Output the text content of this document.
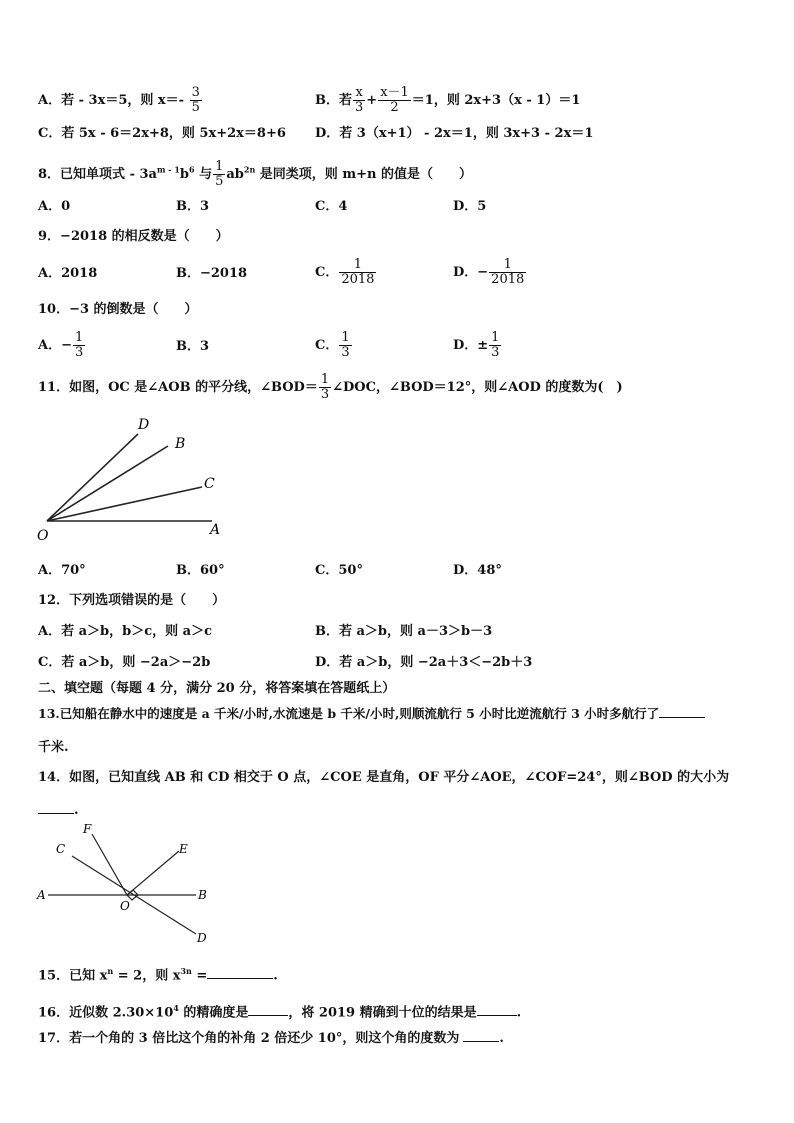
A．若 - 3x＝5，则 $x=- \frac{3}{5}$	B．若 $\frac{x}{3} + \frac{x-1}{2} =1$，则 2x+3（x - 1）＝1
C．若 5x - 6＝2x+8，则 5x+2x＝8+6 D．若 3（x+1） - 2x＝1，则 3x+3 - 2x＝1
8．已知单项式 - $3a^{m - 1}b^6$ 与 $\frac{1}{5} ab^{2n}$ 是同类项，则 m+n 的值是（　　）
A．0	B．3	C．4	D．5
9．−2018 的相反数是（　　）
A．2018	B．−2018	C． $\frac{1}{2018}$	D．− $\frac{1}{2018}$
10．−3 的倒数是（　　）
A．− $\frac{1}{3}$	B．3	C． $\frac{1}{3}$	D．± $\frac{1}{3}$
11．如图，OC 是∠AOB 的平分线，∠BOD＝ $\frac{1}{3}$ ∠DOC，∠BOD＝12°，则∠AOD 的度数为(　)
D
B
C
O	A
A．70°	B．60°	C．50°	D．48°
12．下列选项错误的是（　　）
A．若 a＞b，b＞c，则 a＞c	B．若 a＞b，则 a－3＞b－3
C．若 a＞b，则 −2a＞−2b	D．若 a＞b，则 −2a＋3＜−2b＋3
二、填空题（每题 4 分，满分 20 分，将答案填在答题纸上）
13.已知船在静水中的速度是 a 千米/小时,水流速是 b 千米/小时,则顺流航行 5 小时比逆流航行 3 小时多航行了
千米.
14．如图，已知直线 AB 和 CD 相交于 O 点，∠COE 是直角，OF 平分∠AOE，∠COF=24°，则∠BOD 的大小为
.
F
C	E
A
O
B
D
15．已知 $x^n = 2$，则 $x^{3n}$ =	.
16．近似数 $2.30\times 10^4$ 的精确度是	，将 2019 精确到十位的结果是	.
17．若一个角的 3 倍比这个角的补角 2 倍还少 10°，则这个角的度数为	.
